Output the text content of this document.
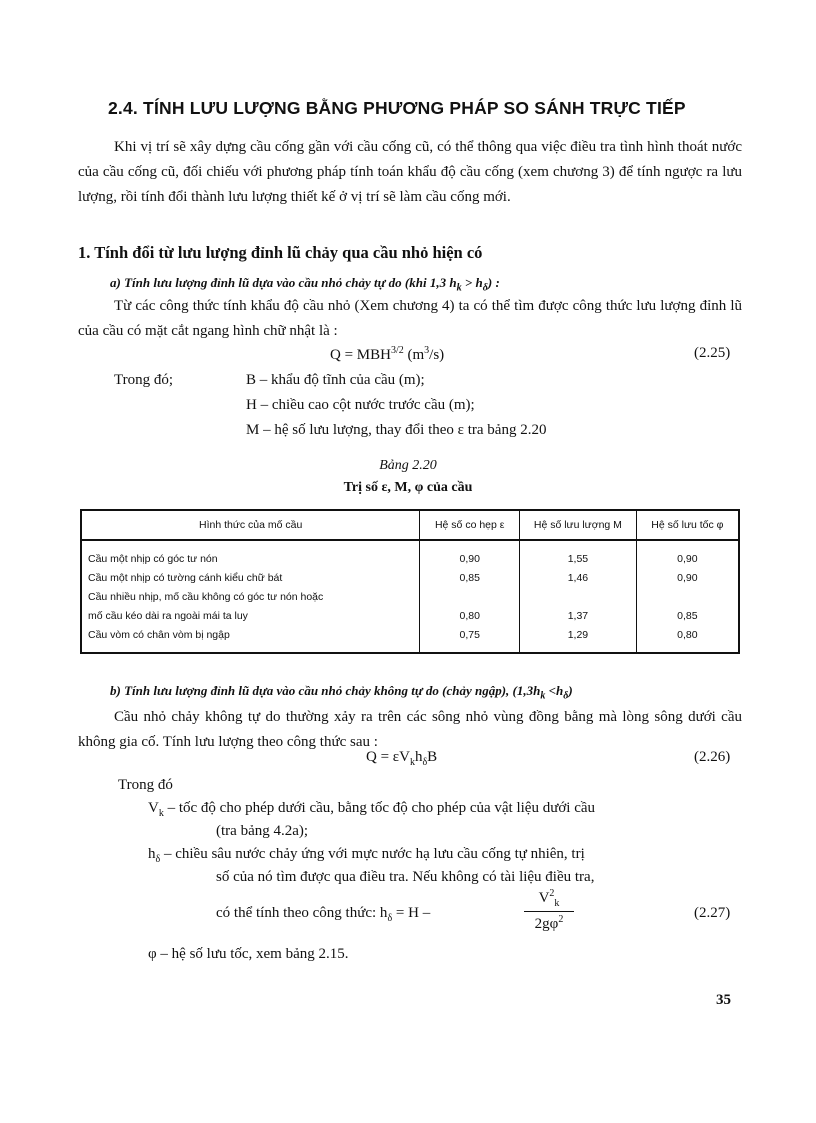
2.4. TÍNH LƯU LƯỢNG BẰNG PHƯƠNG PHÁP SO SÁNH TRỰC TIẾP

Khi vị trí sẽ xây dựng cầu cống gần với cầu cống cũ, có thể thông qua việc điều tra tình hình thoát nước của cầu cống cũ, đối chiếu với phương pháp tính toán khẩu độ cầu cống (xem chương 3) để tính ngược ra lưu lượng, rồi tính đổi thành lưu lượng thiết kế ở vị trí sẽ làm cầu cống mới.

1. Tính đổi từ lưu lượng đỉnh lũ chảy qua cầu nhỏ hiện có
a) Tính lưu lượng đỉnh lũ dựa vào cầu nhỏ chảy tự do (khi 1,3 $h_k > h_\delta$) :

Từ các công thức tính khẩu độ cầu nhỏ (Xem chương 4) ta có thể tìm được công thức lưu lượng đỉnh lũ của cầu có mặt cắt ngang hình chữ nhật là :

$Q = MBH^{3/2}$ $(m^3/s)$	(2.25)
Trong đó;	B – khẩu độ tĩnh của cầu (m);
H – chiều cao cột nước trước cầu (m);
M – hệ số lưu lượng, thay đổi theo ε tra bảng 2.20
Bảng 2.20
Trị số ε, M, φ của cầu
Hình thức của mố cầu	Hệ số co hẹp ε	Hệ số lưu lượng M	Hệ số lưu tốc φ
Cầu một nhịp có góc tư nón	0,90	1,55	0,90
Cầu một nhịp có tường cánh kiểu chữ bát	0,85	1,46	0,90
Cầu nhiều nhịp, mố cầu không có góc tư nón hoặc			
mố cầu kéo dài ra ngoài mái ta luy	0,80	1,37	0,85
Cầu vòm có chân vòm bị ngập	0,75	1,29	0,80
b) Tính lưu lượng đỉnh lũ dựa vào cầu nhỏ chảy không tự do (chảy ngập), $(1,3h_k <h_\delta)$

Cầu nhỏ chảy không tự do thường xảy ra trên các sông nhỏ vùng đồng bằng mà lòng sông dưới cầu không gia cố. Tính lưu lượng theo công thức sau :

$Q = \varepsilon V_kh_\delta B$	(2.26)
Trong đó
$V_k$ – tốc độ cho phép dưới cầu, bằng tốc độ cho phép của vật liệu dưới cầu
(tra bảng 4.2a);
$h_\delta$ – chiều sâu nước chảy ứng với mực nước hạ lưu cầu cống tự nhiên, trị
số của nó tìm được qua điều tra. Nếu không có tài liệu điều tra,
có thể tính theo công thức: $h_\delta = H$ –	$\frac{V^2_k}{2g\varphi^2}$	(2.27)
φ – hệ số lưu tốc, xem bảng 2.15.
35
